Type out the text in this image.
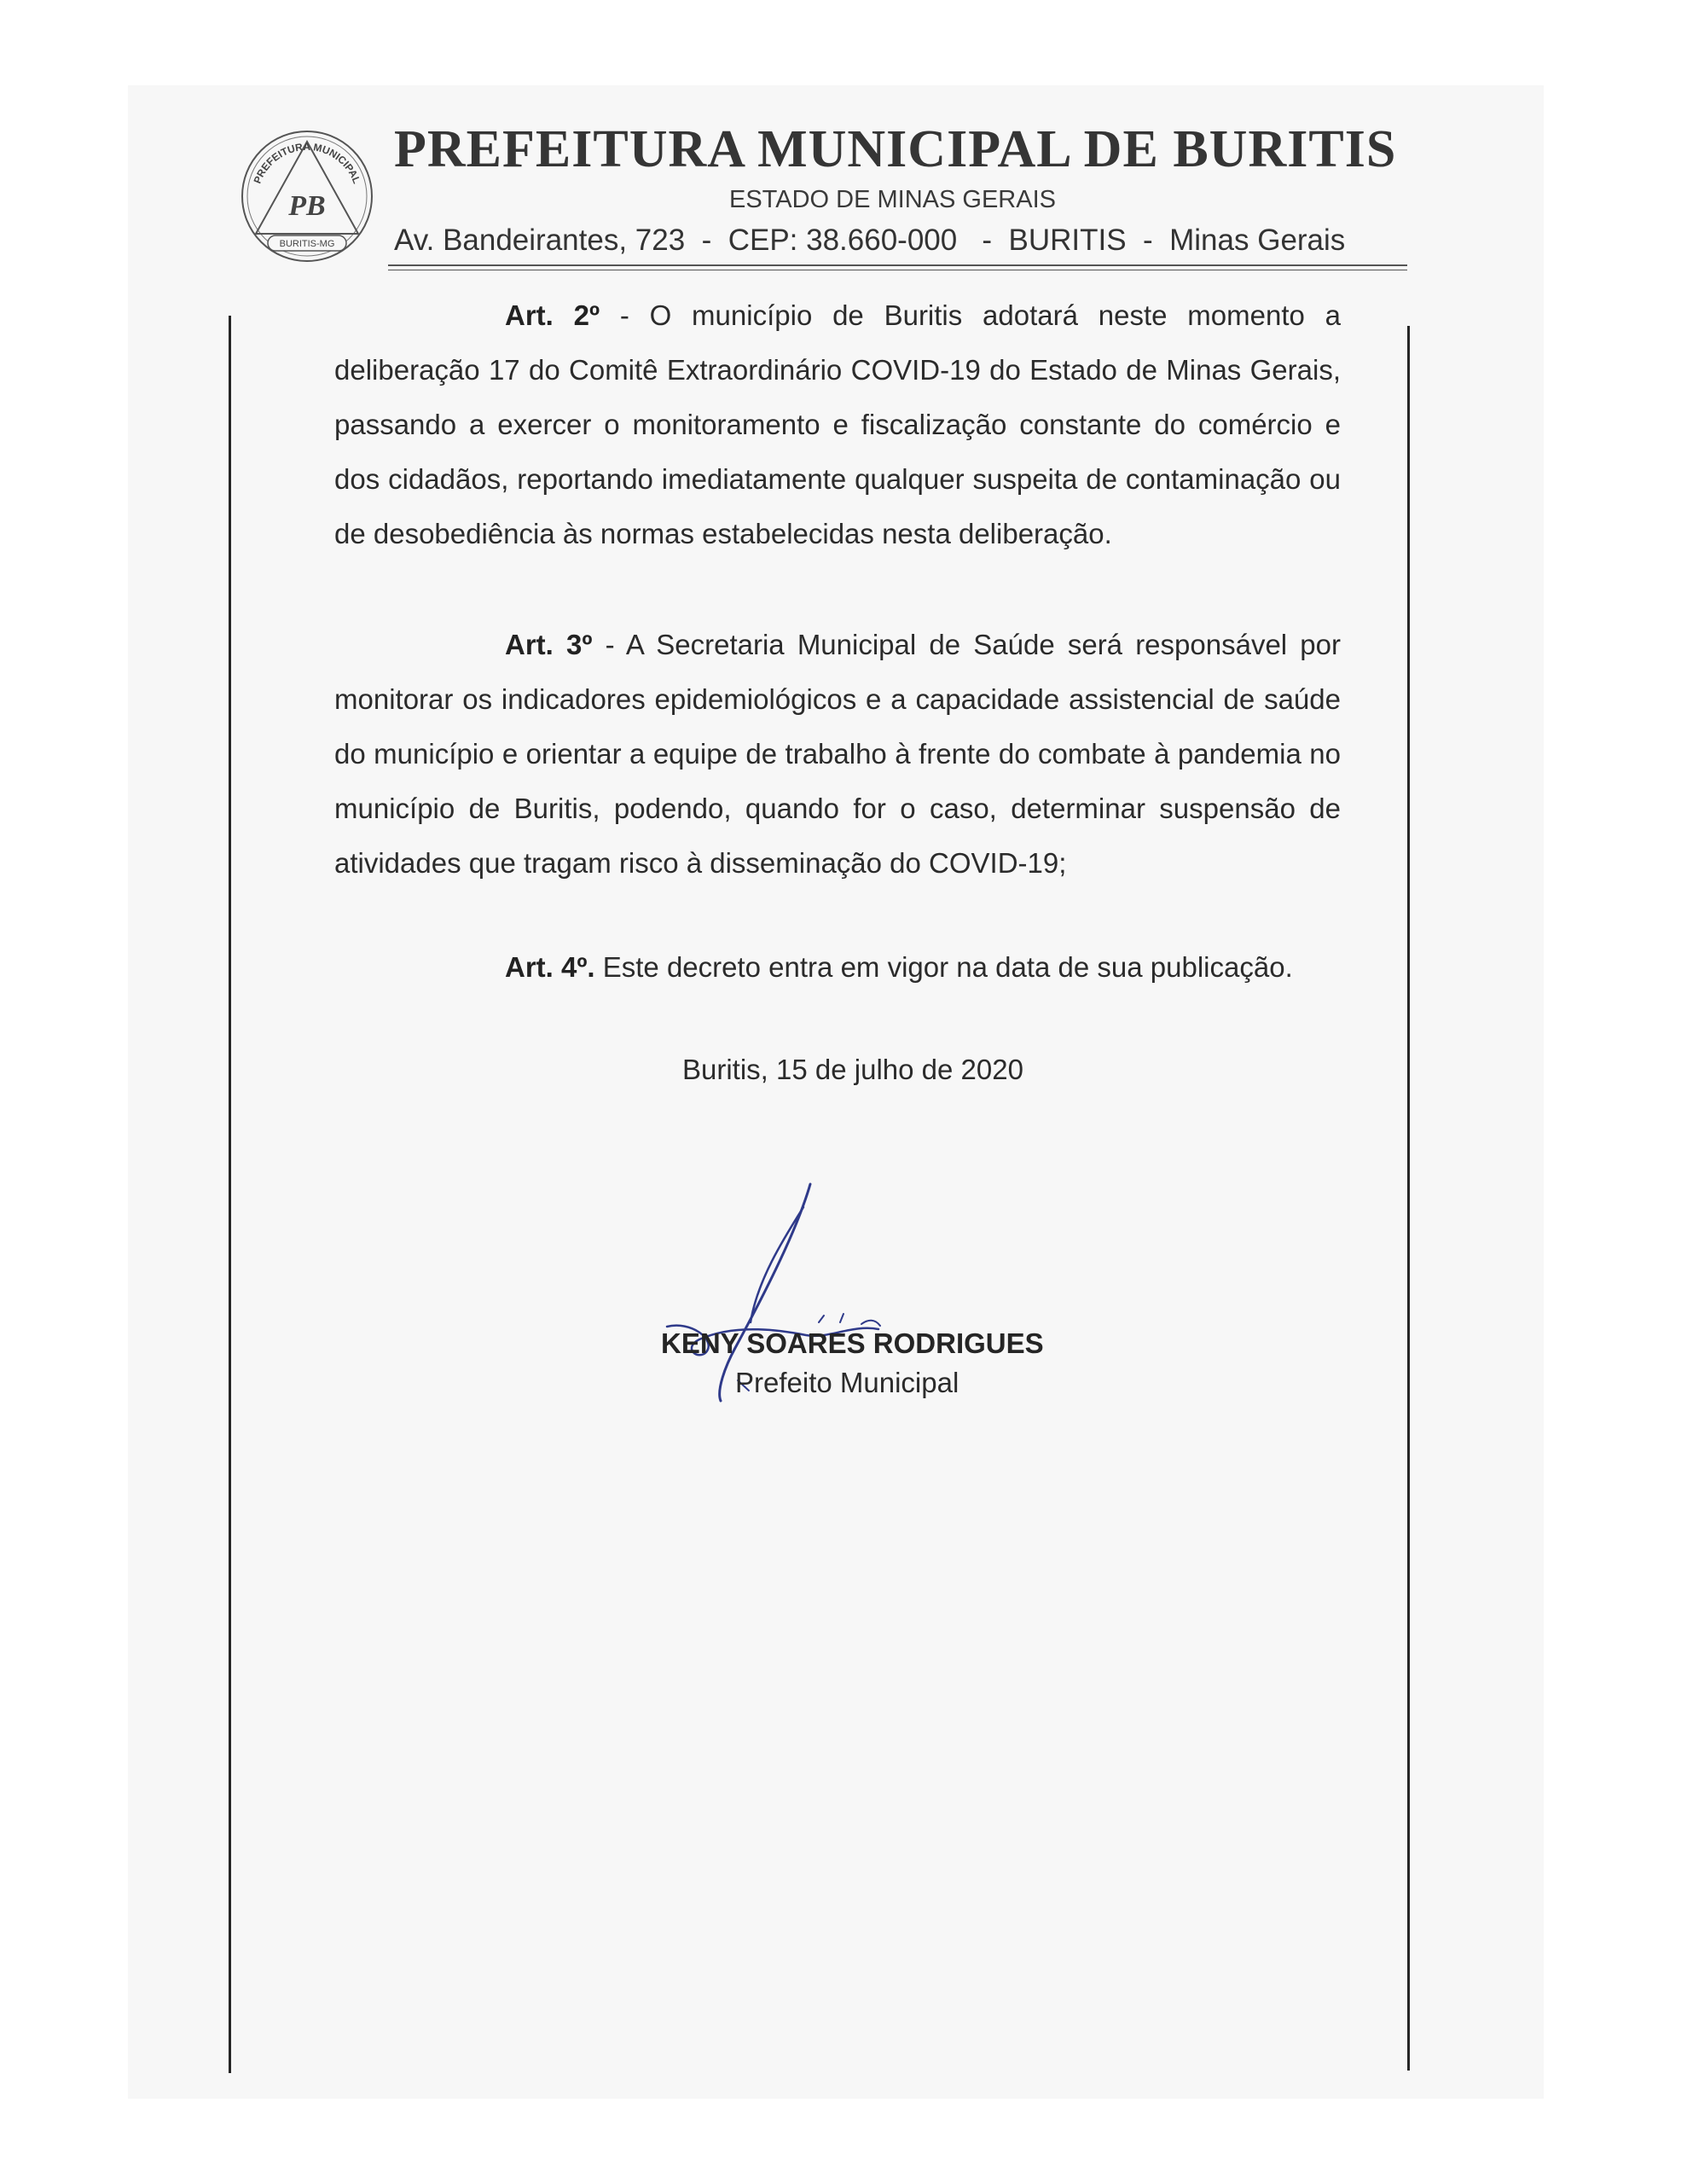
PREFEITURA MUNICIPAL
PB
BURITIS-MG
PREFEITURA MUNICIPAL DE BURITIS
ESTADO DE MINAS GERAIS
Av. Bandeirantes, 723  -  CEP: 38.660-000   -  BURITIS  -  Minas Gerais
Art. 2º - O município de Buritis adotará neste momento a deliberação 17 do Comitê Extraordinário COVID-19 do Estado de Minas Gerais, passando a exercer o monitoramento e fiscalização constante do comércio e dos cidadãos, reportando imediatamente qualquer suspeita de contaminação ou de desobediência às normas estabelecidas nesta deliberação.
Art. 3º - A Secretaria Municipal de Saúde será responsável por monitorar os indicadores epidemiológicos e a capacidade assistencial de saúde do município e orientar a equipe de trabalho à frente do combate à pandemia no município de Buritis, podendo, quando for o caso, determinar suspensão de atividades que tragam risco à disseminação do COVID-19;
Art. 4º. Este decreto entra em vigor na data de sua publicação.
Buritis, 15 de julho de 2020
KENY SOARES RODRIGUES
Prefeito Municipal
